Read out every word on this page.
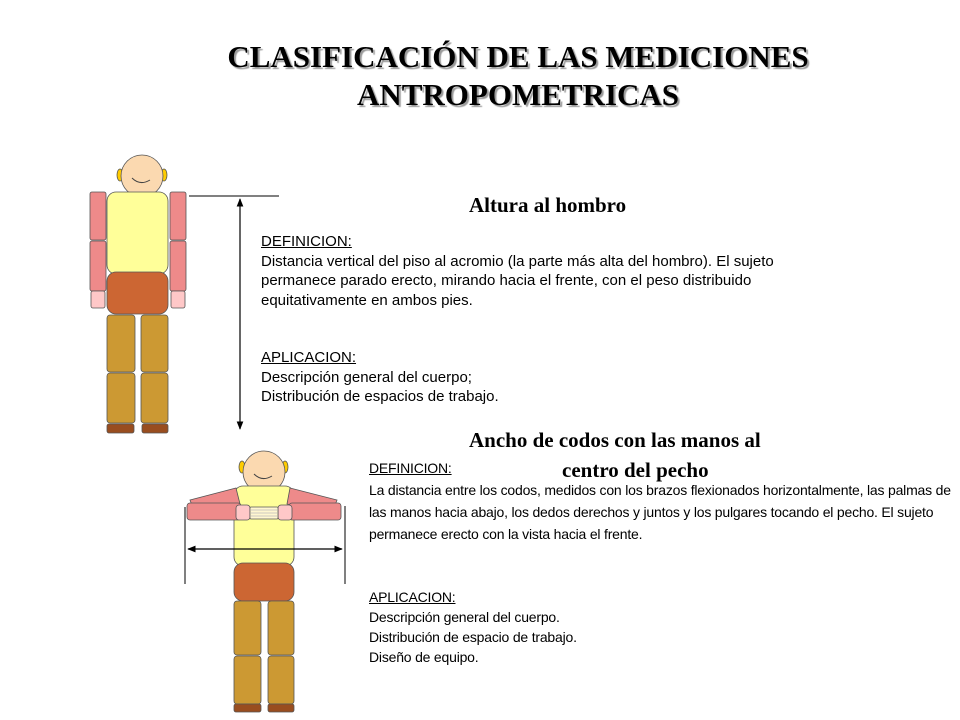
CLASIFICACIÓN DE LAS MEDICIONES
ANTROPOMETRICAS
Altura al hombro
DEFINICION:
Distancia vertical del piso al acromio (la parte más alta del hombro). El sujeto
permanece parado erecto, mirando hacia el frente, con el peso distribuido
equitativamente en ambos pies.
APLICACION:
Descripción general del cuerpo;
Distribución de espacios de trabajo.
Ancho de codos con las manos al
centro del pecho
DEFINICION:
La distancia entre los codos, medidos con los brazos flexionados horizontalmente, las palmas de
las manos hacia abajo, los dedos derechos y juntos y los pulgares tocando el pecho. El sujeto
permanece erecto con la vista hacia el frente.
APLICACION:
Descripción general del cuerpo.
Distribución de espacio de trabajo.
Diseño de equipo.
